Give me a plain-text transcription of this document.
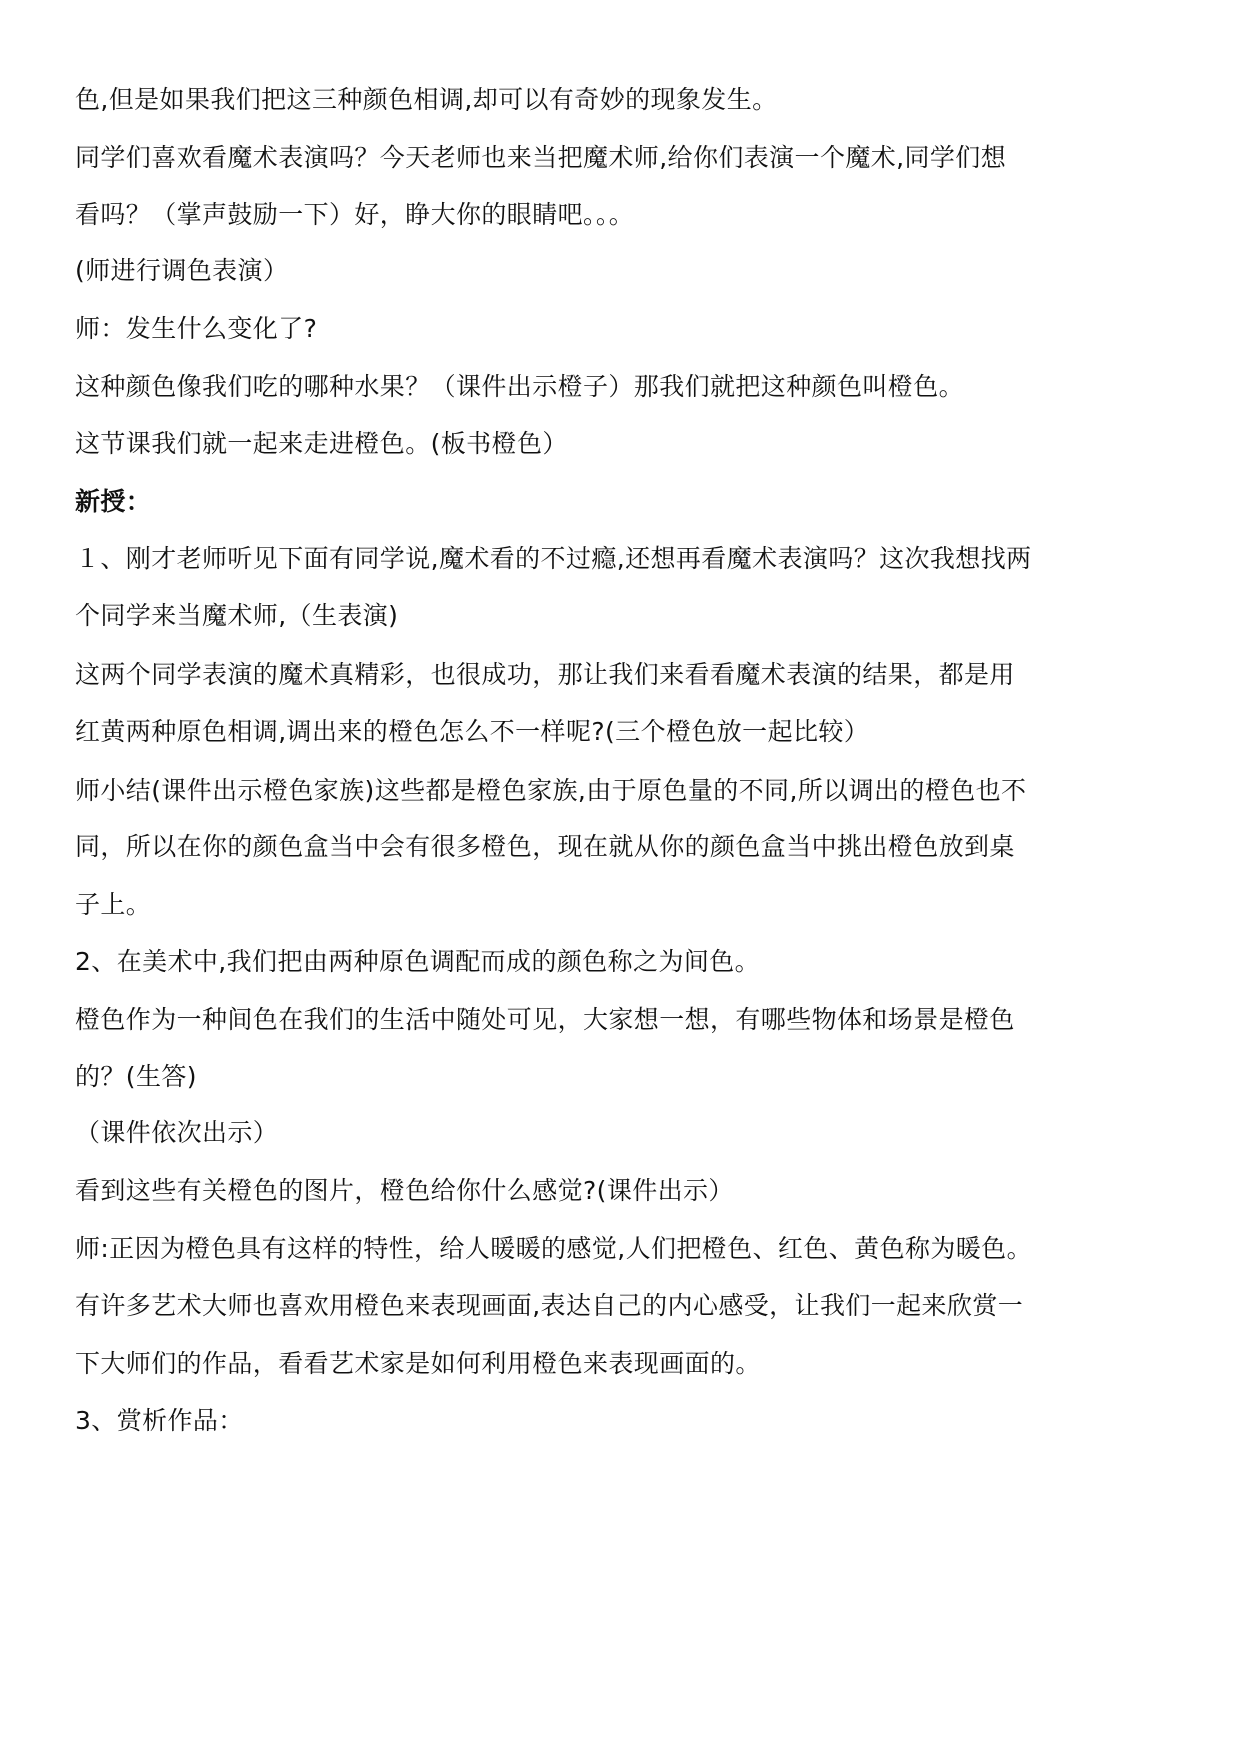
色,但是如果我们把这三种颜色相调,却可以有奇妙的现象发生。
同学们喜欢看魔术表演吗？今天老师也来当把魔术师,给你们表演一个魔术,同学们想
看吗？（掌声鼓励一下）好，睁大你的眼睛吧。。。
(师进行调色表演）
师：发生什么变化了?
这种颜色像我们吃的哪种水果？（课件出示橙子）那我们就把这种颜色叫橙色。
这节课我们就一起来走进橙色。(板书橙色）
新授：
１、刚才老师听见下面有同学说,魔术看的不过瘾,还想再看魔术表演吗？这次我想找两
个同学来当魔术师,（生表演)
这两个同学表演的魔术真精彩，也很成功，那让我们来看看魔术表演的结果，都是用
红黄两种原色相调,调出来的橙色怎么不一样呢?(三个橙色放一起比较）
师小结(课件出示橙色家族)这些都是橙色家族,由于原色量的不同,所以调出的橙色也不
同，所以在你的颜色盒当中会有很多橙色，现在就从你的颜色盒当中挑出橙色放到桌
子上。
2、在美术中,我们把由两种原色调配而成的颜色称之为间色。
橙色作为一种间色在我们的生活中随处可见，大家想一想，有哪些物体和场景是橙色
的？(生答)
（课件依次出示）
看到这些有关橙色的图片，橙色给你什么感觉?(课件出示）
师:正因为橙色具有这样的特性，给人暖暖的感觉,人们把橙色、红色、黄色称为暖色。
有许多艺术大师也喜欢用橙色来表现画面,表达自己的内心感受，让我们一起来欣赏一
下大师们的作品，看看艺术家是如何利用橙色来表现画面的。
3、赏析作品：
